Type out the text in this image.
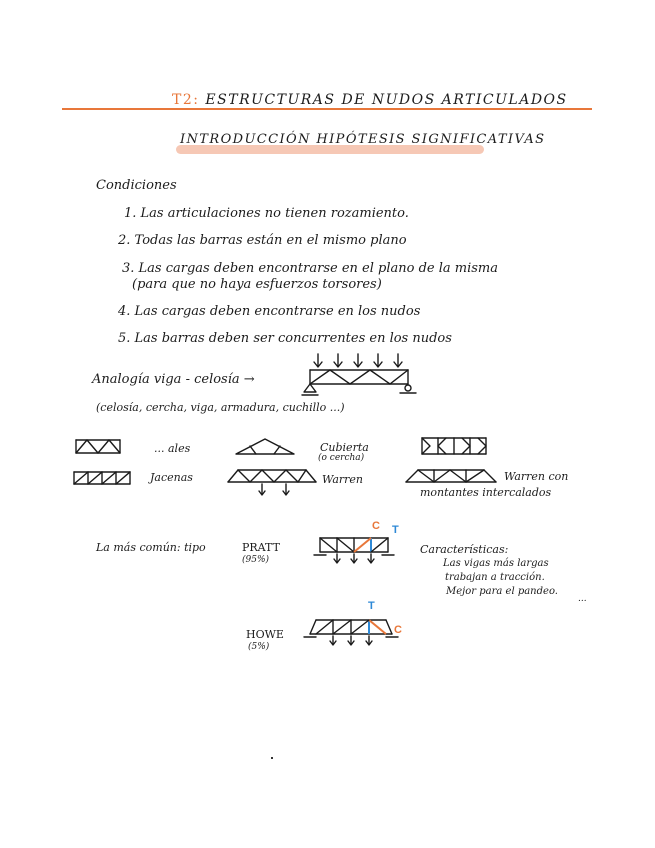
T2: ESTRUCTURAS DE NUDOS ARTICULADOS
INTRODUCCIÓN HIPÓTESIS SIGNIFICATIVAS
Condiciones
1. Las articulaciones no tienen rozamiento.
2. Todas las barras están en el mismo plano
3. Las cargas deben encontrarse en el plano de la misma
(para que no haya esfuerzos torsores)
4. Las cargas deben encontrarse en los nudos
5. Las barras deben ser concurrentes en los nudos
Analogía viga - celosía →
(celosía, cercha, viga, armadura, cuchillo ...)
... ales	Cubierta
(o cercha)
Jacenas	Warren	Warren con
montantes intercalados
La más común: tipo	PRATT
(95%)
C T
Características:
Las vigas más largas
trabajan a tracción.
Mejor para el pandeo.
...
T
C
HOWE
(5%)
